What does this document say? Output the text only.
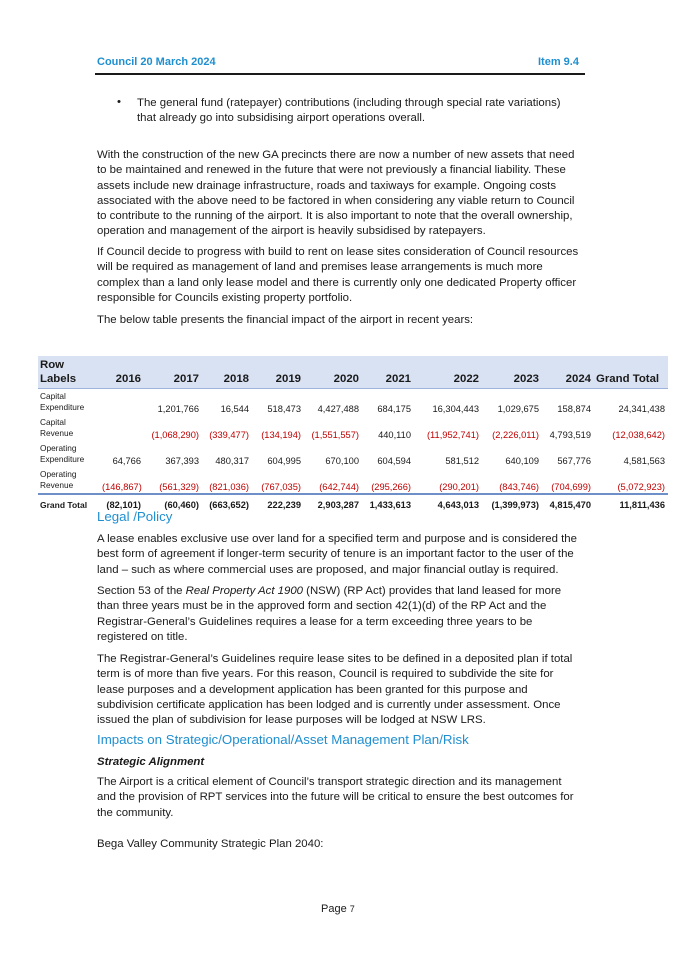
Council 20 March 2024	Item 9.4
• The general fund (ratepayer) contributions (including through special rate variations) that already go into subsidising airport operations overall.

With the construction of the new GA precincts there are now a number of new assets that need to be maintained and renewed in the future that were not previously a financial liability. These assets include new drainage infrastructure, roads and taxiways for example. Ongoing costs associated with the above need to be factored in when considering any viable return to Council to contribute to the running of the airport. It is also important to note that the overall ownership, operation and management of the airport is heavily subsidised by ratepayers.

If Council decide to progress with build to rent on lease sites consideration of Council resources will be required as management of land and premises lease arrangements is much more complex than a land only lease model and there is currently only one dedicated Property officer responsible for Councils existing property portfolio.

The below table presents the financial impact of the airport in recent years:

Row Labels	2016	2017	2018	2019	2020	2021	2022	2023	2024	Grand Total
Capital Expenditure		1,201,766	16,544	518,473	4,427,488	684,175	16,304,443	1,029,675	158,874	24,341,438
Capital Revenue		(1,068,290)	(339,477)	(134,194)	(1,551,557)	440,110	(11,952,741)	(2,226,011)	4,793,519	(12,038,642)
Operating Expenditure	64,766	367,393	480,317	604,995	670,100	604,594	581,512	640,109	567,776	4,581,563
Operating Revenue	(146,867)	(561,329)	(821,036)	(767,035)	(642,744)	(295,266)	(290,201)	(843,746)	(704,699)	(5,072,923)
Grand Total	(82,101)	(60,460)	(663,652)	222,239	2,903,287	1,433,613	4,643,013	(1,399,973)	4,815,470	11,811,436
Legal /Policy

A lease enables exclusive use over land for a specified term and purpose and is considered the best form of agreement if longer-term security of tenure is an important factor to the user of the land – such as where commercial uses are proposed, and major financial outlay is required.

Section 53 of the Real Property Act 1900 (NSW) (RP Act) provides that land leased for more than three years must be in the approved form and section 42(1)(d) of the RP Act and the Registrar-General’s Guidelines requires a lease for a term exceeding three years to be registered on title.

The Registrar-General’s Guidelines require lease sites to be defined in a deposited plan if total term is of more than five years. For this reason, Council is required to subdivide the site for lease purposes and a development application has been granted for this purpose and subdivision certificate application has been lodged and is currently under assessment. Once issued the plan of subdivision for lease purposes will be lodged at NSW LRS.

Impacts on Strategic/Operational/Asset Management Plan/Risk
Strategic Alignment

The Airport is a critical element of Council’s transport strategic direction and its management and the provision of RPT services into the future will be critical to ensure the best outcomes for the community.

Bega Valley Community Strategic Plan 2040:

Page 7
